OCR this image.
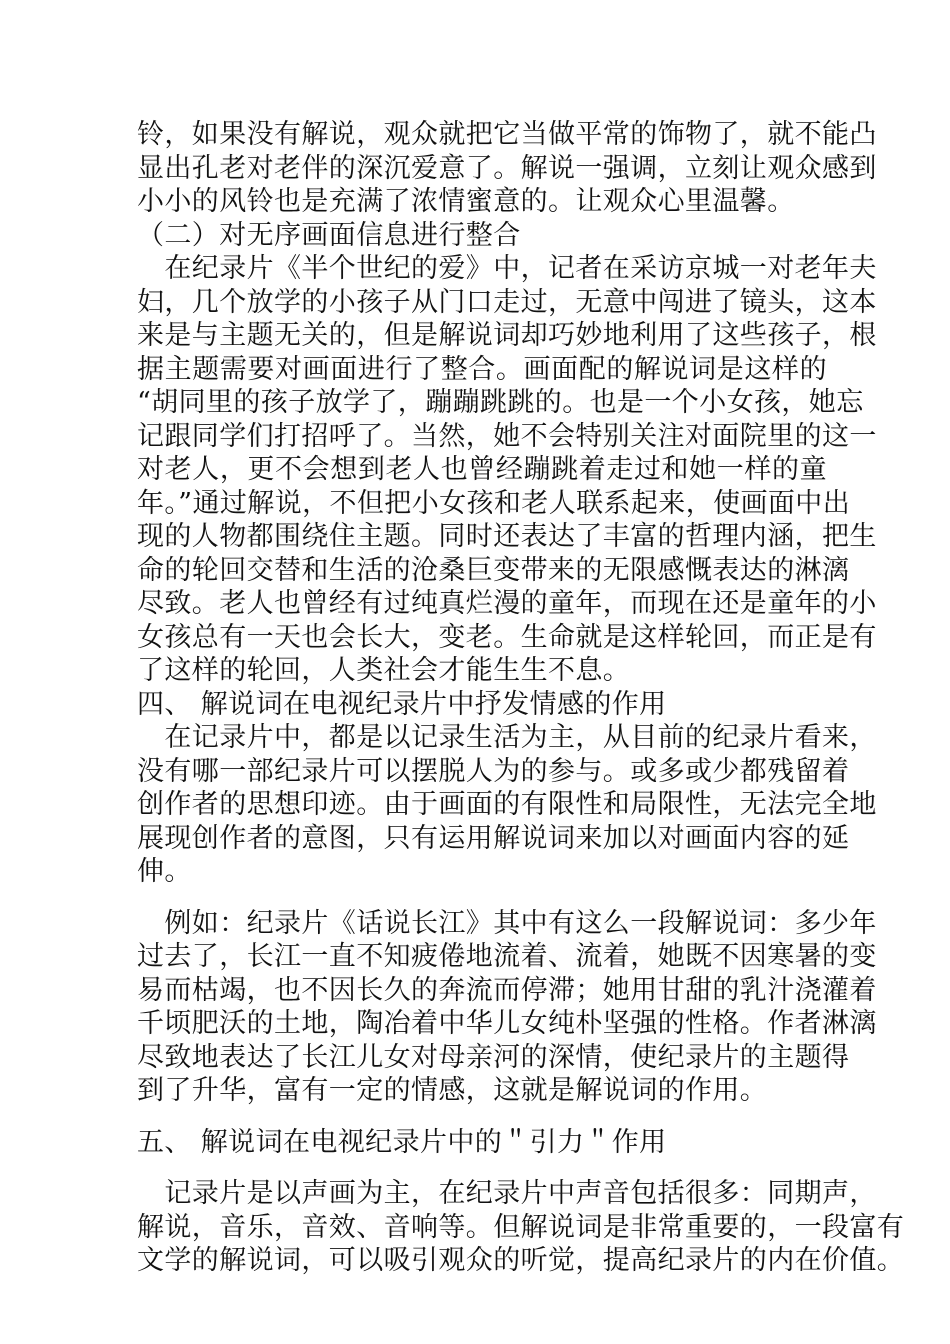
铃，如果没有解说，观众就把它当做平常的饰物了，就不能凸
显出孔老对老伴的深沉爱意了。解说一强调，立刻让观众感到
小小的风铃也是充满了浓情蜜意的。让观众心里温馨。
（二）对无序画面信息进行整合
　在纪录片《半个世纪的爱》中，记者在采访京城一对老年夫
妇，几个放学的小孩子从门口走过，无意中闯进了镜头，这本
来是与主题无关的，但是解说词却巧妙地利用了这些孩子，根
据主题需要对画面进行了整合。画面配的解说词是这样的
“胡同里的孩子放学了，蹦蹦跳跳的。也是一个小女孩，她忘
记跟同学们打招呼了。当然，她不会特别关注对面院里的这一
对老人，更不会想到老人也曾经蹦跳着走过和她一样的童
年。”通过解说，不但把小女孩和老人联系起来，使画面中出
现的人物都围绕住主题。同时还表达了丰富的哲理内涵，把生
命的轮回交替和生活的沧桑巨变带来的无限感慨表达的淋漓
尽致。老人也曾经有过纯真烂漫的童年，而现在还是童年的小
女孩总有一天也会长大，变老。生命就是这样轮回，而正是有
了这样的轮回，人类社会才能生生不息。
四、 解说词在电视纪录片中抒发情感的作用
　在记录片中，都是以记录生活为主，从目前的纪录片看来，
没有哪一部纪录片可以摆脱人为的参与。或多或少都残留着
创作者的思想印迹。由于画面的有限性和局限性，无法完全地
展现创作者的意图，只有运用解说词来加以对画面内容的延
伸。
　例如：纪录片《话说长江》其中有这么一段解说词：多少年
过去了，长江一直不知疲倦地流着、流着，她既不因寒暑的变
易而枯竭，也不因长久的奔流而停滞；她用甘甜的乳汁浇灌着
千顷肥沃的土地，陶冶着中华儿女纯朴坚强的性格。作者淋漓
尽致地表达了长江儿女对母亲河的深情，使纪录片的主题得
到了升华，富有一定的情感，这就是解说词的作用。
五、 解说词在电视纪录片中的＂引力＂作用
　记录片是以声画为主，在纪录片中声音包括很多：同期声，
解说，音乐，音效、音响等。但解说词是非常重要的，一段富有
文学的解说词，可以吸引观众的听觉，提高纪录片的内在价值。
